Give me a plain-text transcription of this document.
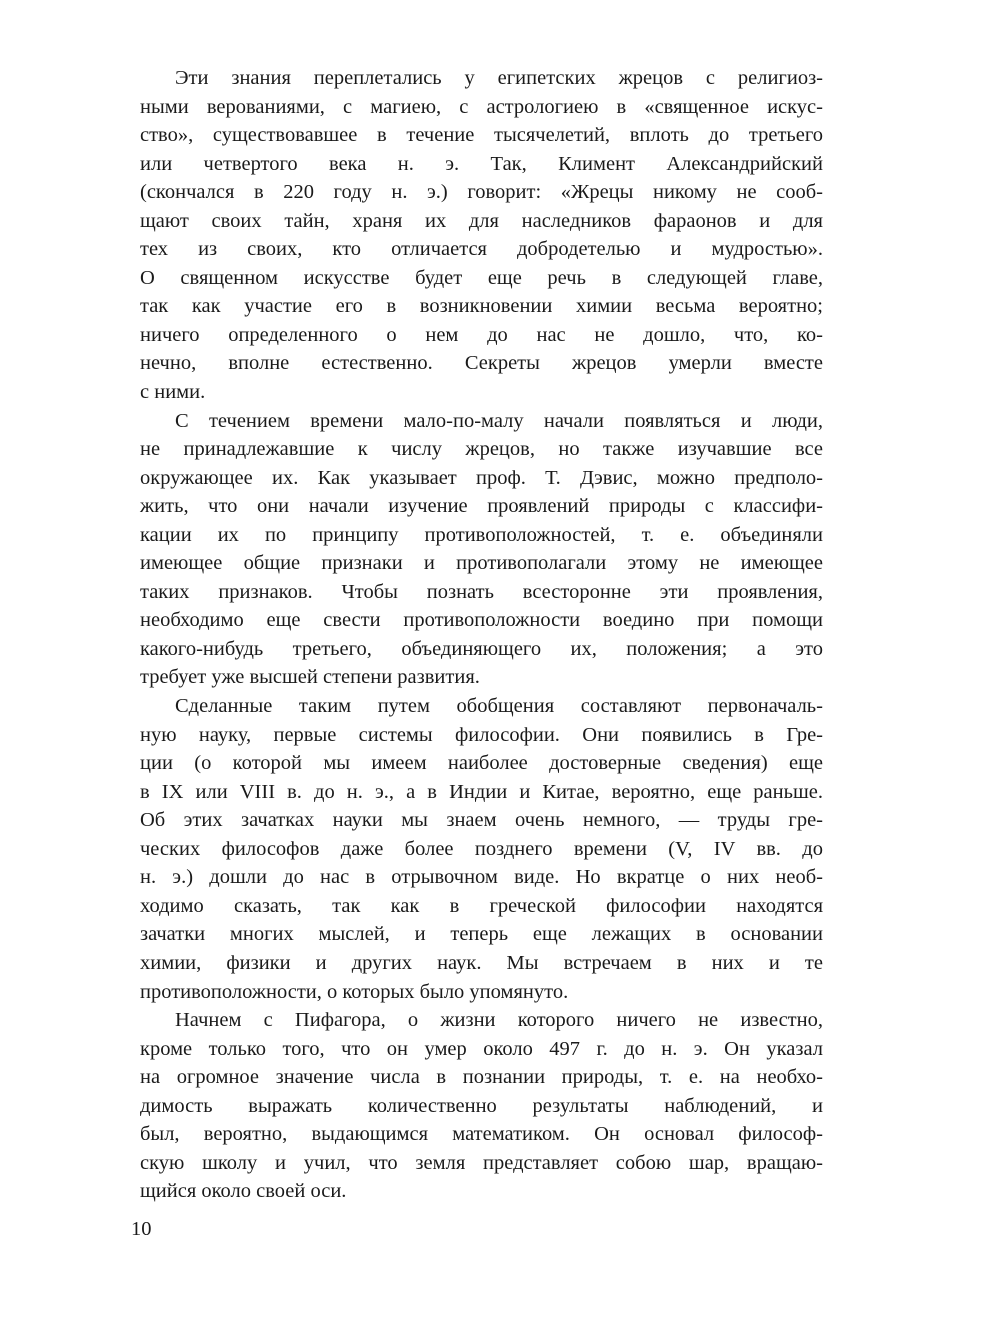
Эти знания переплетались у египетских жрецов с религиоз-
ными верованиями, с магиею, с астрологиею в «священное искус-
ство», существовавшее в течение тысячелетий, вплоть до третьего
или четвертого века н. э. Так, Климент Александрийский
(скончался в 220 году н. э.) говорит: «Жрецы никому не сооб-
щают своих тайн, храня их для наследников фараонов и для
тех из своих, кто отличается добродетелью и мудростью».
О священном искусстве будет еще речь в следующей главе,
так как участие его в возникновении химии весьма вероятно;
ничего определенного о нем до нас не дошло, что, ко-
нечно, вполне естественно. Секреты жрецов умерли вместе
с ними.
С течением времени мало-по-малу начали появляться и люди,
не принадлежавшие к числу жрецов, но также изучавшие все
окружающее их. Как указывает проф. Т. Дэвис, можно предполо-
жить, что они начали изучение проявлений природы с классифи-
кации их по принципу противоположностей, т. е. объединяли
имеющее общие признаки и противополагали этому не имеющее
таких признаков. Чтобы познать всесторонне эти проявления,
необходимо еще свести противоположности воедино при помощи
какого-нибудь третьего, объединяющего их, положения; а это
требует уже высшей степени развития.
Сделанные таким путем обобщения составляют первоначаль-
ную науку, первые системы философии. Они появились в Гре-
ции (о которой мы имеем наиболее достоверные сведения) еще
в IX или VIII в. до н. э., а в Индии и Китае, вероятно, еще раньше.
Об этих зачатках науки мы знаем очень немного, — труды гре-
ческих философов даже более позднего времени (V, IV вв. до
н. э.) дошли до нас в отрывочном виде. Но вкратце о них необ-
ходимо сказать, так как в греческой философии находятся
зачатки многих мыслей, и теперь еще лежащих в основании
химии, физики и других наук. Мы встречаем в них и те
противоположности, о которых было упомянуто.
Начнем с Пифагора, о жизни которого ничего не известно,
кроме только того, что он умер около 497 г. до н. э. Он указал
на огромное значение числа в познании природы, т. е. на необхо-
димость выражать количественно результаты наблюдений, и
был, вероятно, выдающимся математиком. Он основал философ-
скую школу и учил, что земля представляет собою шар, вращаю-
щийся около своей оси.
10
